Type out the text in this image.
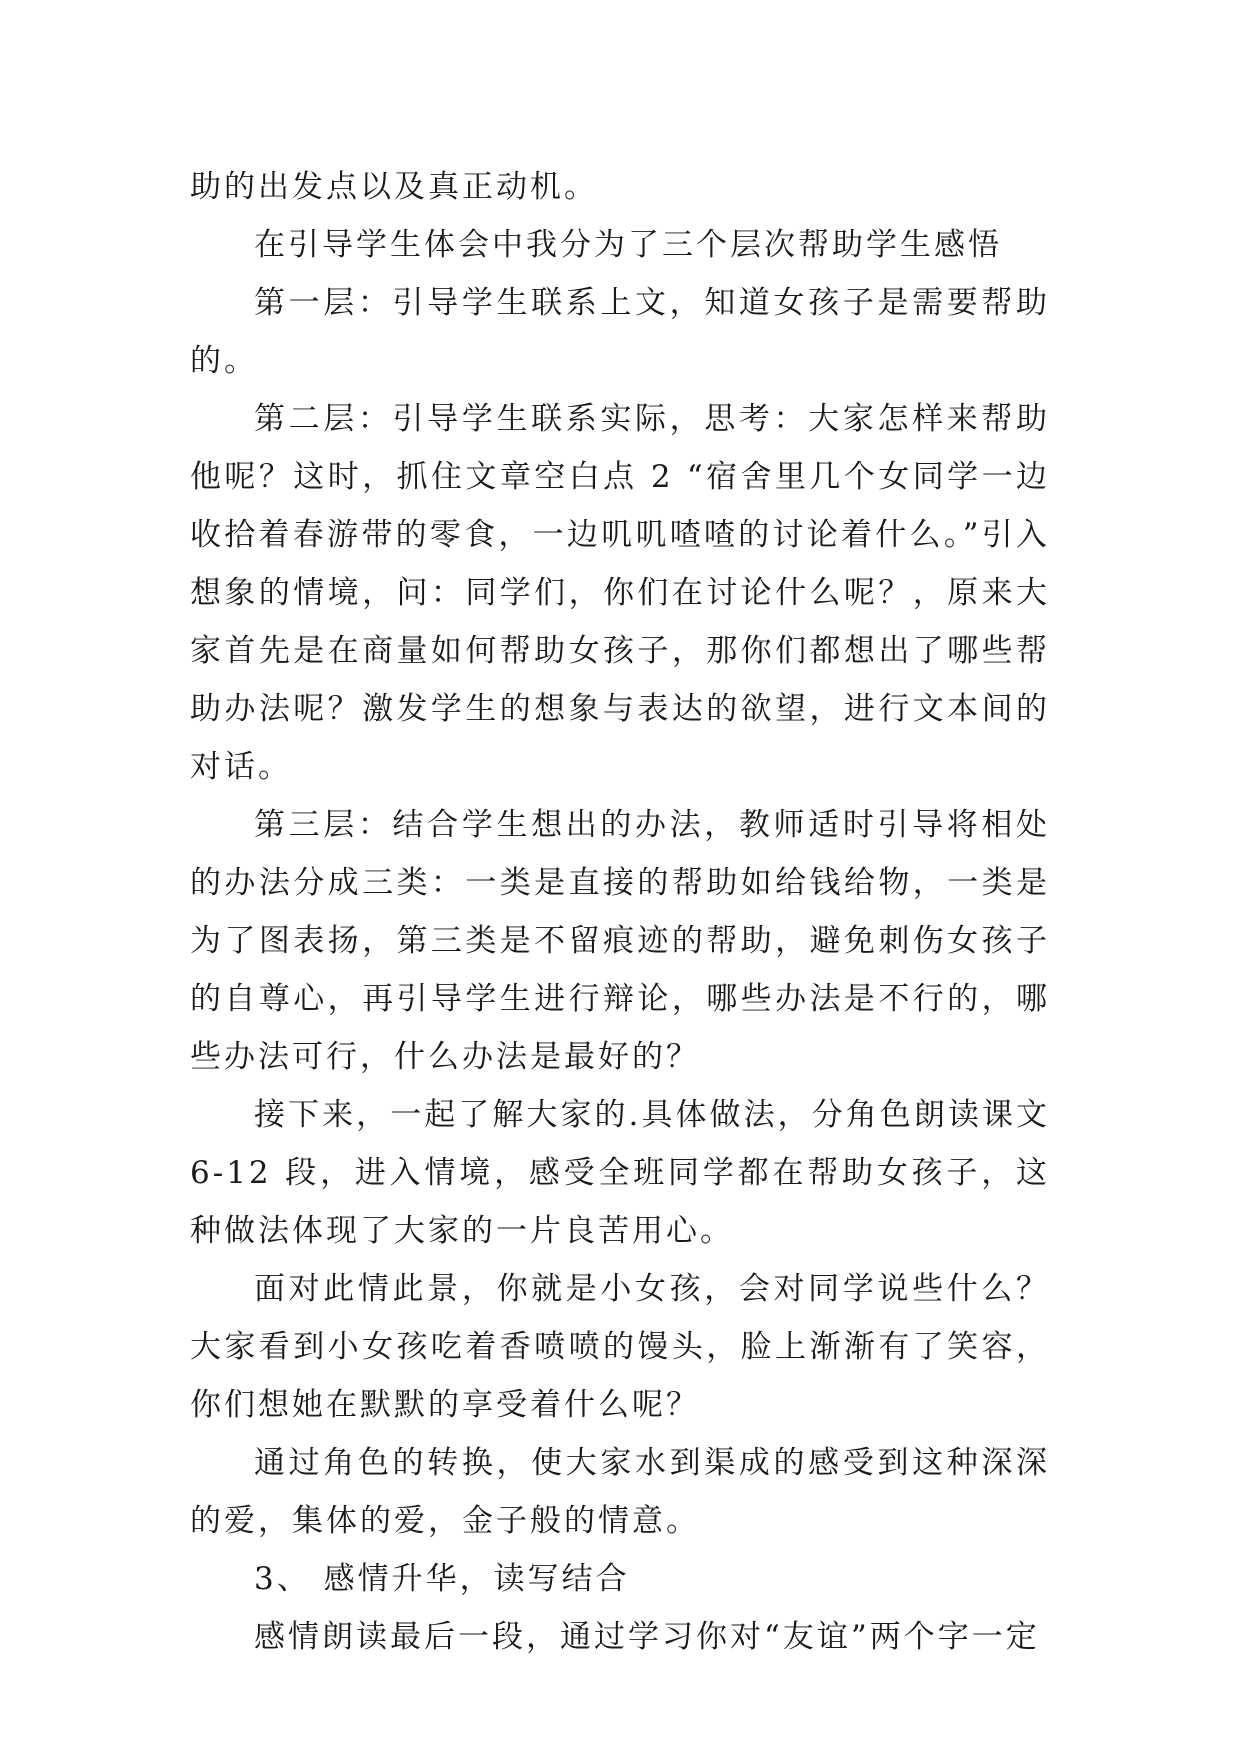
助的出发点以及真正动机。

在引导学生体会中我分为了三个层次帮助学生感悟

第一层：引导学生联系上文，知道女孩子是需要帮助的。

第二层：引导学生联系实际，思考：大家怎样来帮助他呢？这时，抓住文章空白点 2 “宿舍里几个女同学一边收拾着春游带的零食，一边叽叽喳喳的讨论着什么。”引入想象的情境，问：同学们，你们在讨论什么呢？，原来大家首先是在商量如何帮助女孩子，那你们都想出了哪些帮助办法呢？激发学生的想象与表达的欲望，进行文本间的对话。

第三层：结合学生想出的办法，教师适时引导将相处的办法分成三类：一类是直接的帮助如给钱给物，一类是为了图表扬，第三类是不留痕迹的帮助，避免刺伤女孩子的自尊心，再引导学生进行辩论，哪些办法是不行的，哪些办法可行，什么办法是最好的？

接下来，一起了解大家的.具体做法，分角色朗读课文 6-12 段，进入情境，感受全班同学都在帮助女孩子，这种做法体现了大家的一片良苦用心。

面对此情此景，你就是小女孩，会对同学说些什么？大家看到小女孩吃着香喷喷的馒头，脸上渐渐有了笑容，你们想她在默默的享受着什么呢？

通过角色的转换，使大家水到渠成的感受到这种深深的爱，集体的爱，金子般的情意。

3、 感情升华，读写结合

感情朗读最后一段，通过学习你对“友谊”两个字一定
